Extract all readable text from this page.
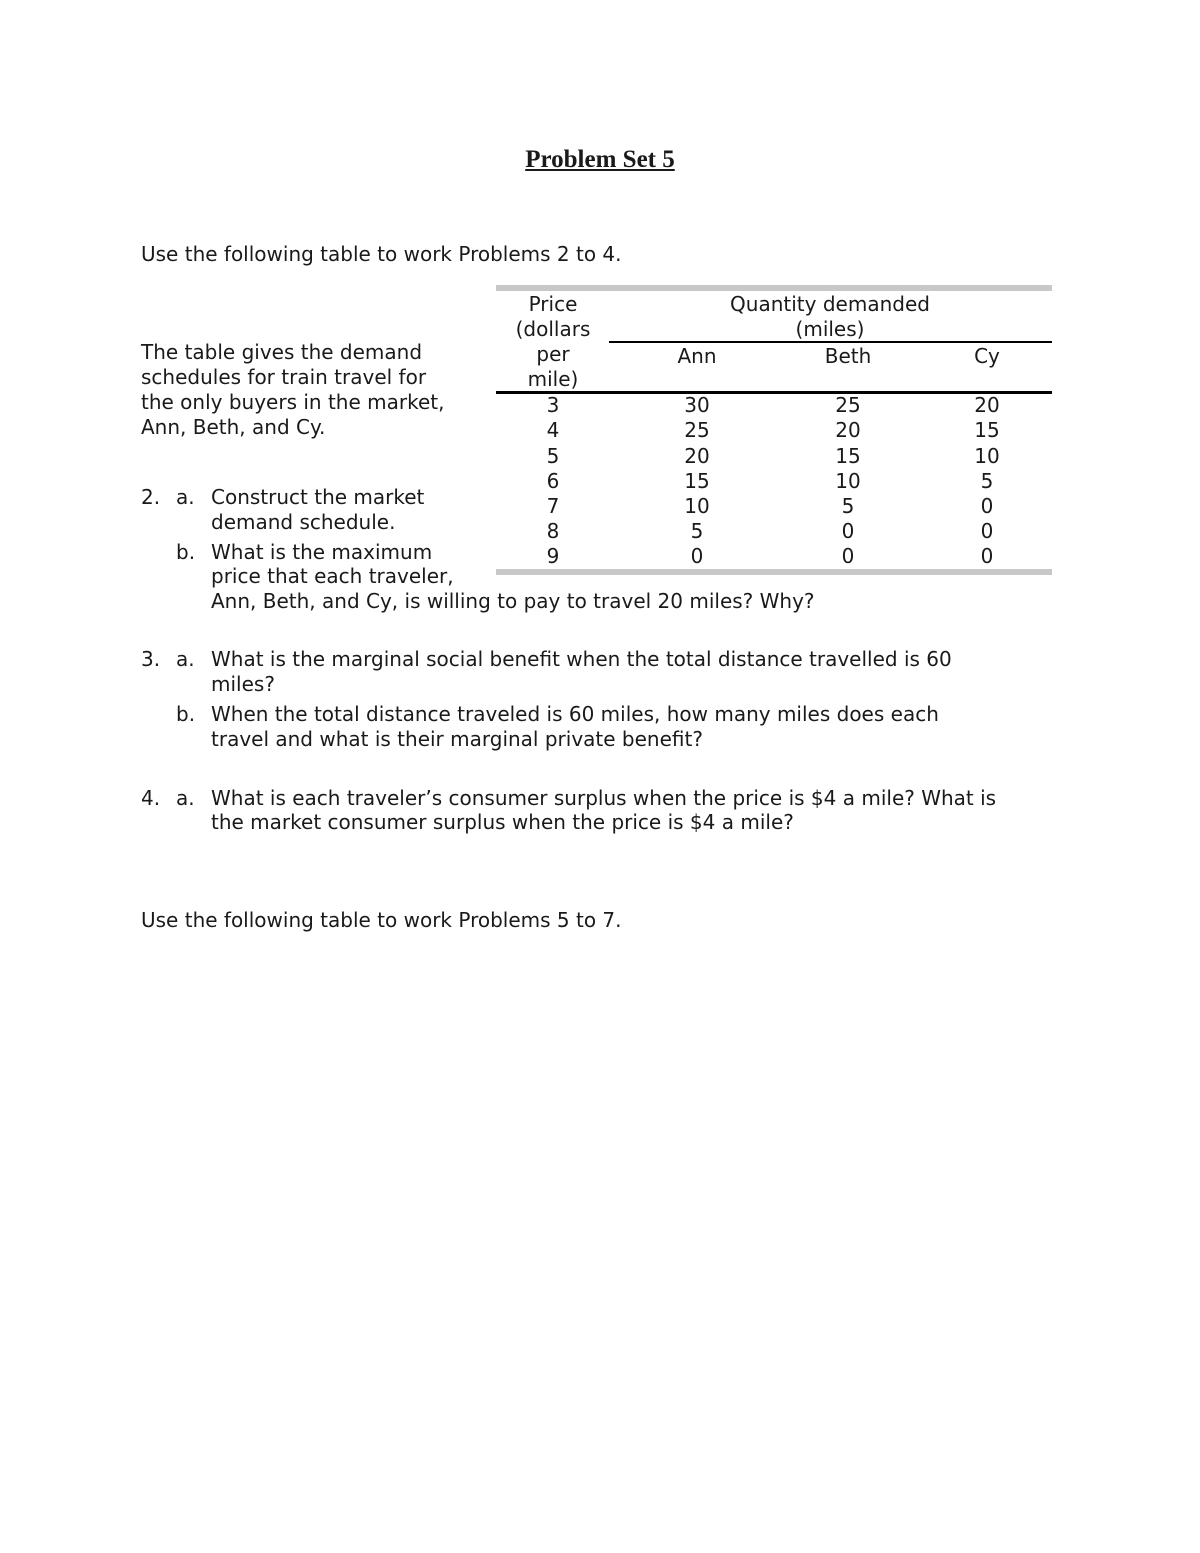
Problem Set 5
Use the following table to work Problems 2 to 4.
The table gives the demand
schedules for train travel for
the only buyers in the market,
Ann, Beth, and Cy.
Price
(dollars
per
mile)
Quantity demanded
(miles)
Ann	Beth	Cy
3	30	25	20
4	25	20	15
5	20	15	10
6	15	10	5
7	10	5	0
8	5	0	0
9	0	0	0
2. a. Construct the market
demand schedule.
b. What is the maximum
price that each traveler,
Ann, Beth, and Cy, is willing to pay to travel 20 miles? Why?
3. a. What is the marginal social benefit when the total distance travelled is 60
miles?
b. When the total distance traveled is 60 miles, how many miles does each
travel and what is their marginal private benefit?
4. a. What is each traveler’s consumer surplus when the price is $4 a mile? What is
the market consumer surplus when the price is $4 a mile?
Use the following table to work Problems 5 to 7.
